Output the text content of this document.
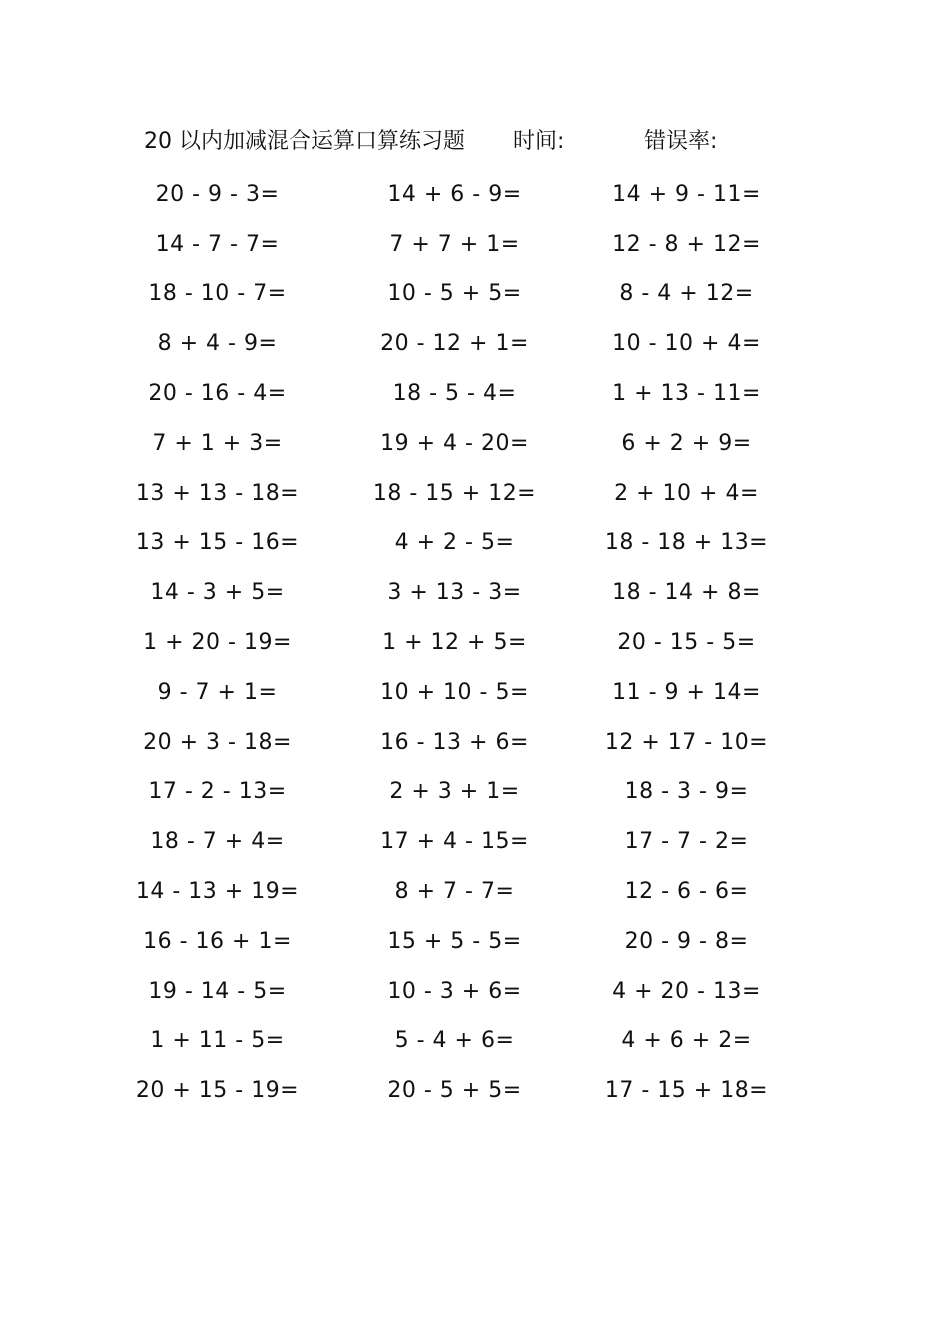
20 以内加减混合运算口算练习题 时间:	错误率:
20 - 9 - 3=	14 + 6 - 9=	14 + 9 - 11=
14 - 7 - 7=	7 + 7 + 1=	12 - 8 + 12=
18 - 10 - 7=	10 - 5 + 5=	8 - 4 + 12=
8 + 4 - 9=	20 - 12 + 1=	10 - 10 + 4=
20 - 16 - 4=	18 - 5 - 4=	1 + 13 - 11=
7 + 1 + 3=	19 + 4 - 20=	6 + 2 + 9=
13 + 13 - 18=	18 - 15 + 12=	2 + 10 + 4=
13 + 15 - 16=	4 + 2 - 5=	18 - 18 + 13=
14 - 3 + 5=	3 + 13 - 3=	18 - 14 + 8=
1 + 20 - 19=	1 + 12 + 5=	20 - 15 - 5=
9 - 7 + 1=	10 + 10 - 5=	11 - 9 + 14=
20 + 3 - 18=	16 - 13 + 6=	12 + 17 - 10=
17 - 2 - 13=	2 + 3 + 1=	18 - 3 - 9=
18 - 7 + 4=	17 + 4 - 15=	17 - 7 - 2=
14 - 13 + 19=	8 + 7 - 7=	12 - 6 - 6=
16 - 16 + 1=	15 + 5 - 5=	20 - 9 - 8=
19 - 14 - 5=	10 - 3 + 6=	4 + 20 - 13=
1 + 11 - 5=	5 - 4 + 6=	4 + 6 + 2=
20 + 15 - 19=	20 - 5 + 5=	17 - 15 + 18=
